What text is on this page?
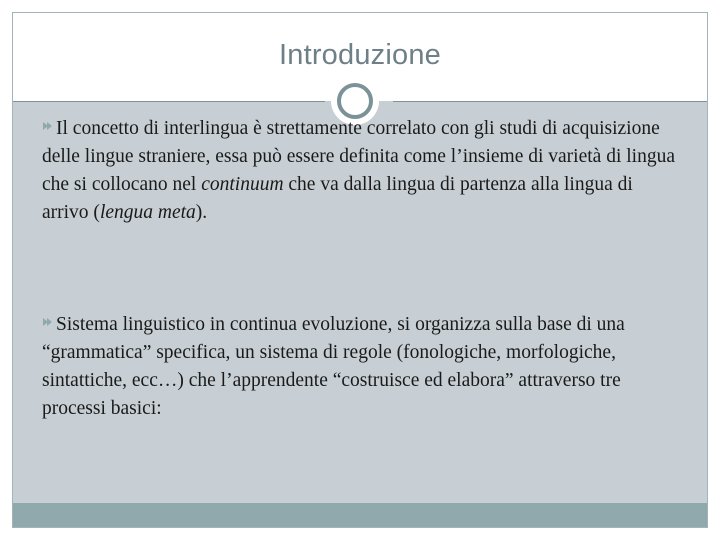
Introduzione
Il concetto di interlingua è strettamente correlato con gli studi di acquisizione delle lingue straniere, essa può essere definita come l’insieme di varietà di lingua che si collocano nel continuum che va dalla lingua di partenza alla lingua di arrivo (lengua meta).
Sistema linguistico in continua evoluzione, si organizza sulla base di una “grammatica” specifica, un sistema di regole (fonologiche, morfologiche, sintattiche, ecc…) che l’apprendente “costruisce ed elabora” attraverso tre processi basici:
